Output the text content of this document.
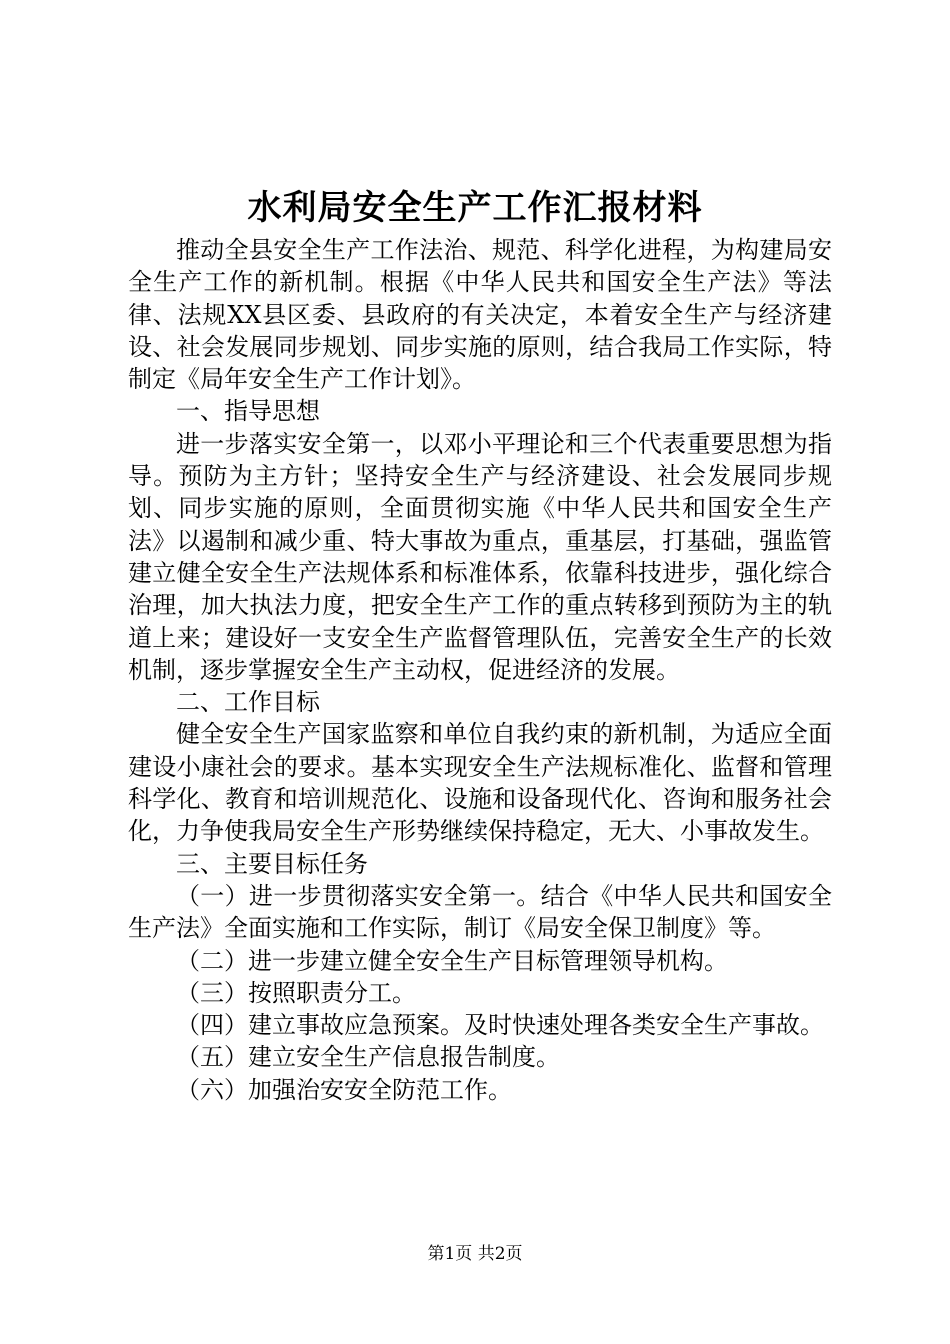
水利局安全生产工作汇报材料

推动全县安全生产工作法治、规范、科学化进程，为构建局安全生产工作的新机制。根据《中华人民共和国安全生产法》等法律、法规XX县区委、县政府的有关决定，本着安全生产与经济建设、社会发展同步规划、同步实施的原则，结合我局工作实际，特制定《局年安全生产工作计划》。

一、指导思想

进一步落实安全第一，以邓小平理论和三个代表重要思想为指导。预防为主方针；坚持安全生产与经济建设、社会发展同步规划、同步实施的原则，全面贯彻实施《中华人民共和国安全生产法》以遏制和减少重、特大事故为重点，重基层，打基础，强监管建立健全安全生产法规体系和标准体系，依靠科技进步，强化综合治理，加大执法力度，把安全生产工作的重点转移到预防为主的轨道上来；建设好一支安全生产监督管理队伍，完善安全生产的长效机制，逐步掌握安全生产主动权，促进经济的发展。

二、工作目标

健全安全生产国家监察和单位自我约束的新机制，为适应全面建设小康社会的要求。基本实现安全生产法规标准化、监督和管理科学化、教育和培训规范化、设施和设备现代化、咨询和服务社会化，力争使我局安全生产形势继续保持稳定，无大、小事故发生。

三、主要目标任务

（一）进一步贯彻落实安全第一。结合《中华人民共和国安全生产法》全面实施和工作实际，制订《局安全保卫制度》等。

（二）进一步建立健全安全生产目标管理领导机构。

（三）按照职责分工。

（四）建立事故应急预案。及时快速处理各类安全生产事故。

（五）建立安全生产信息报告制度。

（六）加强治安安全防范工作。

第1页 共2页
